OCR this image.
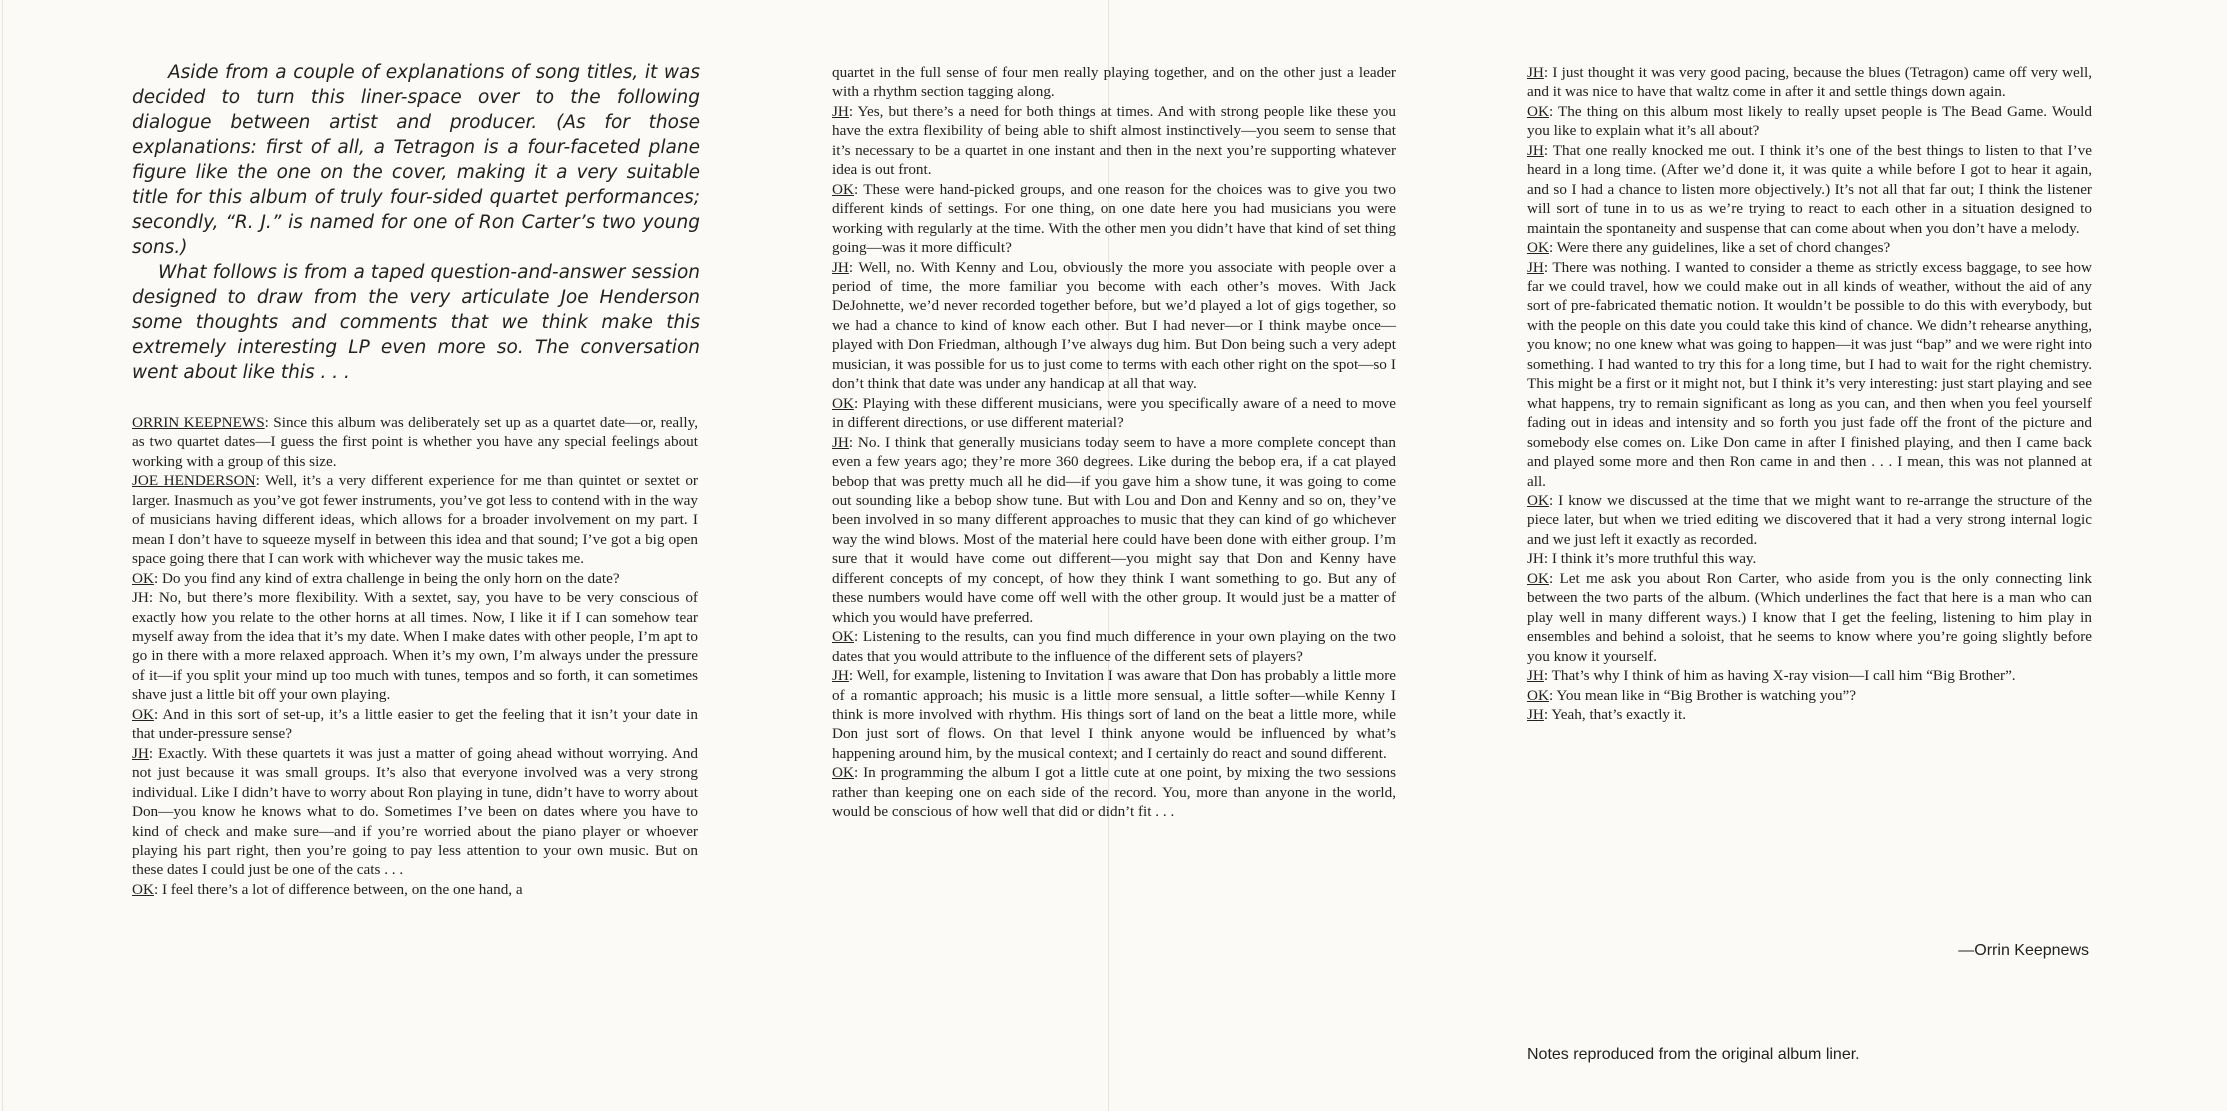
Aside from a couple of explanations of song titles, it was decided to turn this liner-space over to the following dialogue between artist and producer. (As for those explanations: first of all, a Tetragon is a four-faceted plane figure like the one on the cover, making it a very suitable title for this album of truly four-sided quartet performances; secondly, “R. J.” is named for one of Ron Carter’s two young sons.)

What follows is from a taped question-and-answer session designed to draw from the very articulate Joe Henderson some thoughts and comments that we think make this extremely interesting LP even more so. The conversation went about like this . . .

ORRIN KEEPNEWS: Since this album was deliberately set up as a quartet date—or, really, as two quartet dates—I guess the first point is whether you have any special feelings about working with a group of this size.

JOE HENDERSON: Well, it’s a very different experience for me than quintet or sextet or larger. Inasmuch as you’ve got fewer instruments, you’ve got less to contend with in the way of musicians having different ideas, which allows for a broader involvement on my part. I mean I don’t have to squeeze myself in between this idea and that sound; I’ve got a big open space going there that I can work with whichever way the music takes me.

OK: Do you find any kind of extra challenge in being the only horn on the date?

JH: No, but there’s more flexibility. With a sextet, say, you have to be very conscious of exactly how you relate to the other horns at all times. Now, I like it if I can somehow tear myself away from the idea that it’s my date. When I make dates with other people, I’m apt to go in there with a more relaxed approach. When it’s my own, I’m always under the pressure of it—if you split your mind up too much with tunes, tempos and so forth, it can sometimes shave just a little bit off your own playing.

OK: And in this sort of set-up, it’s a little easier to get the feeling that it isn’t your date in that under-pressure sense?

JH: Exactly. With these quartets it was just a matter of going ahead without worrying. And not just because it was small groups. It’s also that everyone involved was a very strong individual. Like I didn’t have to worry about Ron playing in tune, didn’t have to worry about Don—you know he knows what to do. Sometimes I’ve been on dates where you have to kind of check and make sure—and if you’re worried about the piano player or whoever playing his part right, then you’re going to pay less attention to your own music. But on these dates I could just be one of the cats . . .

OK: I feel there’s a lot of difference between, on the one hand, a

quartet in the full sense of four men really playing together, and on the other just a leader with a rhythm section tagging along.

JH: Yes, but there’s a need for both things at times. And with strong people like these you have the extra flexibility of being able to shift almost instinctively—you seem to sense that it’s necessary to be a quartet in one instant and then in the next you’re supporting whatever idea is out front.

OK: These were hand-picked groups, and one reason for the choices was to give you two different kinds of settings. For one thing, on one date here you had musicians you were working with regularly at the time. With the other men you didn’t have that kind of set thing going—was it more difficult?

JH: Well, no. With Kenny and Lou, obviously the more you associate with people over a period of time, the more familiar you become with each other’s moves. With Jack DeJohnette, we’d never recorded together before, but we’d played a lot of gigs together, so we had a chance to kind of know each other. But I had never—or I think maybe once—played with Don Friedman, although I’ve always dug him. But Don being such a very adept musician, it was possible for us to just come to terms with each other right on the spot—so I don’t think that date was under any handicap at all that way.

OK: Playing with these different musicians, were you specifically aware of a need to move in different directions, or use different material?

JH: No. I think that generally musicians today seem to have a more complete concept than even a few years ago; they’re more 360 degrees. Like during the bebop era, if a cat played bebop that was pretty much all he did—if you gave him a show tune, it was going to come out sounding like a bebop show tune. But with Lou and Don and Kenny and so on, they’ve been involved in so many different approaches to music that they can kind of go whichever way the wind blows. Most of the material here could have been done with either group. I’m sure that it would have come out different—you might say that Don and Kenny have different concepts of my concept, of how they think I want something to go. But any of these numbers would have come off well with the other group. It would just be a matter of which you would have preferred.

OK: Listening to the results, can you find much difference in your own playing on the two dates that you would attribute to the influence of the different sets of players?

JH: Well, for example, listening to Invitation I was aware that Don has probably a little more of a romantic approach; his music is a little more sensual, a little softer—while Kenny I think is more involved with rhythm. His things sort of land on the beat a little more, while Don just sort of flows. On that level I think anyone would be influenced by what’s happening around him, by the musical context; and I certainly do react and sound different.

OK: In programming the album I got a little cute at one point, by mixing the two sessions rather than keeping one on each side of the record. You, more than anyone in the world, would be conscious of how well that did or didn’t fit . . .

JH: I just thought it was very good pacing, because the blues (Tetragon) came off very well, and it was nice to have that waltz come in after it and settle things down again.

OK: The thing on this album most likely to really upset people is The Bead Game. Would you like to explain what it’s all about?

JH: That one really knocked me out. I think it’s one of the best things to listen to that I’ve heard in a long time. (After we’d done it, it was quite a while before I got to hear it again, and so I had a chance to listen more objectively.) It’s not all that far out; I think the listener will sort of tune in to us as we’re trying to react to each other in a situation designed to maintain the spontaneity and suspense that can come about when you don’t have a melody.

OK: Were there any guidelines, like a set of chord changes?

JH: There was nothing. I wanted to consider a theme as strictly excess baggage, to see how far we could travel, how we could make out in all kinds of weather, without the aid of any sort of pre-fabricated thematic notion. It wouldn’t be possible to do this with everybody, but with the people on this date you could take this kind of chance. We didn’t rehearse anything, you know; no one knew what was going to happen—it was just “bap” and we were right into something. I had wanted to try this for a long time, but I had to wait for the right chemistry. This might be a first or it might not, but I think it’s very interesting: just start playing and see what happens, try to remain significant as long as you can, and then when you feel yourself fading out in ideas and intensity and so forth you just fade off the front of the picture and somebody else comes on. Like Don came in after I finished playing, and then I came back and played some more and then Ron came in and then . . . I mean, this was not planned at all.

OK: I know we discussed at the time that we might want to re-arrange the structure of the piece later, but when we tried editing we discovered that it had a very strong internal logic and we just left it exactly as recorded.

JH: I think it’s more truthful this way.

OK: Let me ask you about Ron Carter, who aside from you is the only connecting link between the two parts of the album. (Which underlines the fact that here is a man who can play well in many different ways.) I know that I get the feeling, listening to him play in ensembles and behind a soloist, that he seems to know where you’re going slightly before you know it yourself.

JH: That’s why I think of him as having X-ray vision—I call him “Big Brother”.

OK: You mean like in “Big Brother is watching you”?

JH: Yeah, that’s exactly it.

—Orrin Keepnews
Notes reproduced from the original album liner.
